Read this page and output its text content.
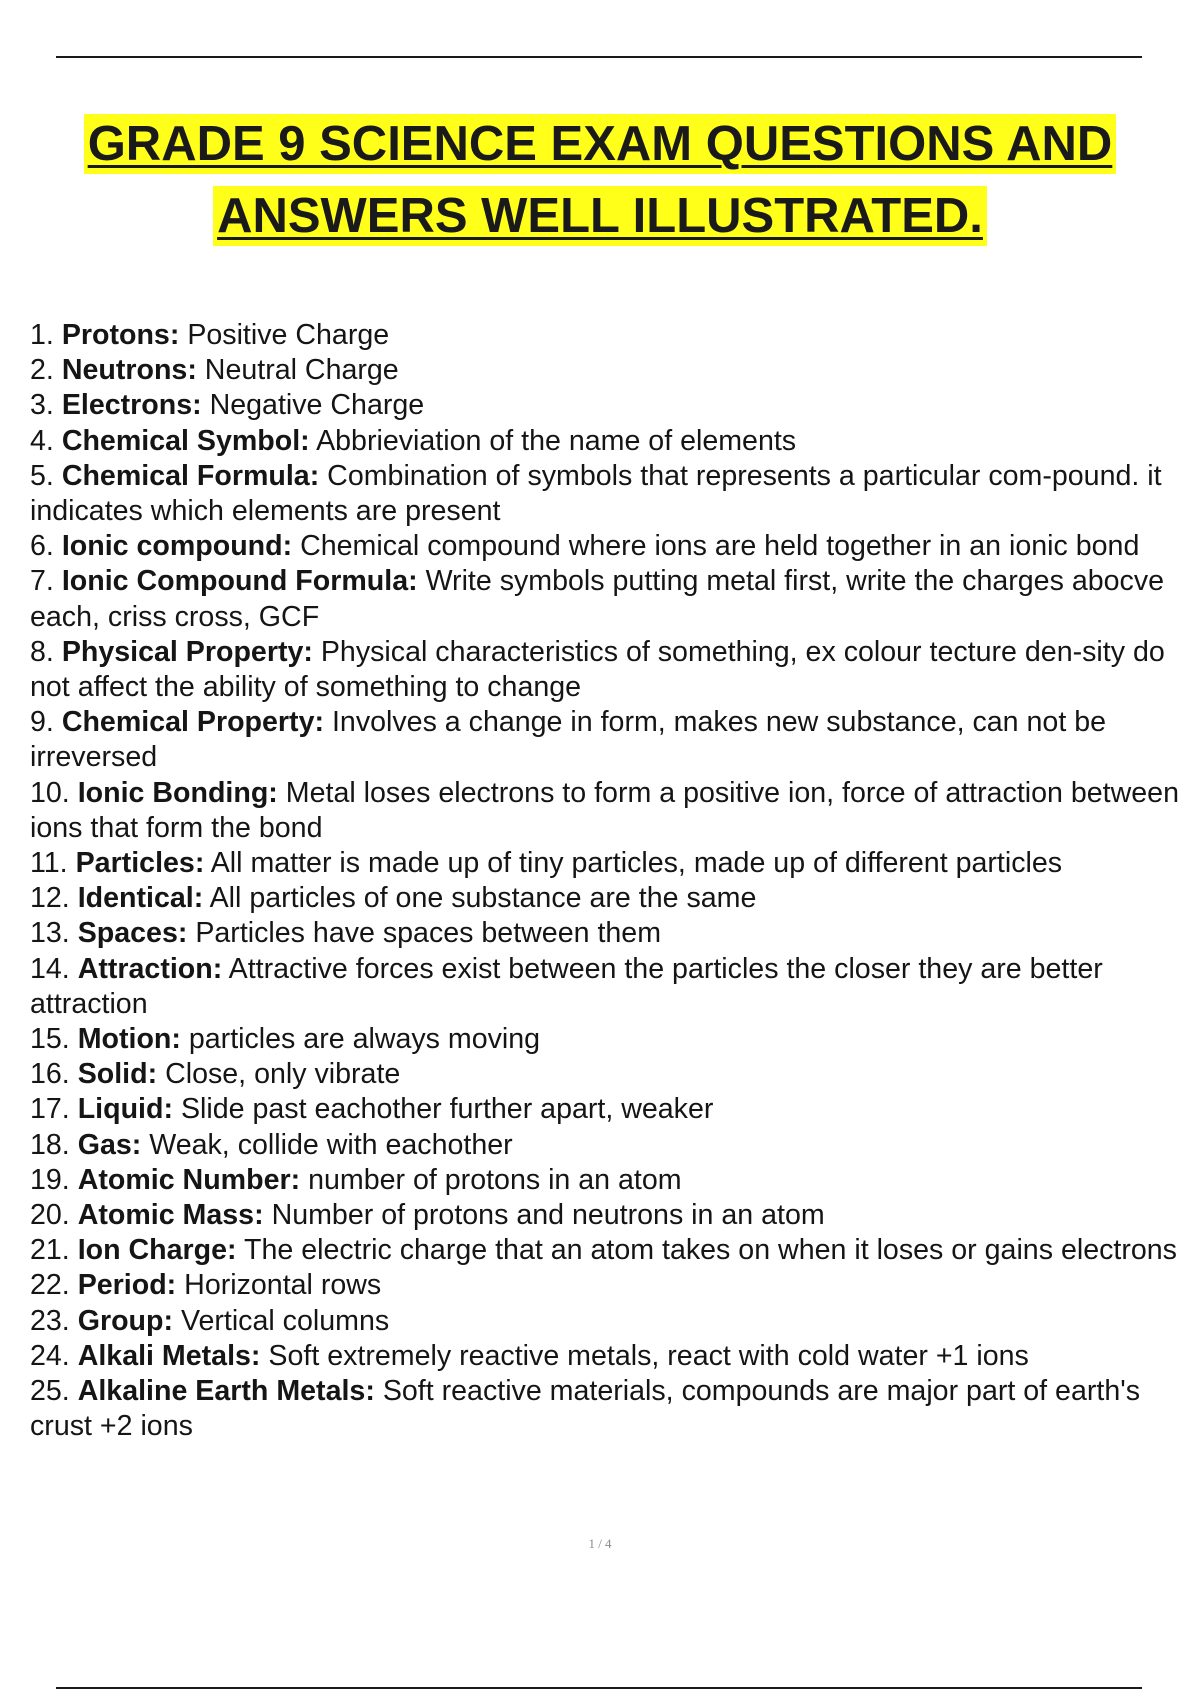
GRADE 9 SCIENCE EXAM QUESTIONS AND
ANSWERS WELL ILLUSTRATED.
1. Protons: Positive Charge
2. Neutrons: Neutral Charge
3. Electrons: Negative Charge
4. Chemical Symbol: Abbrieviation of the name of elements
5. Chemical Formula: Combination of symbols that represents a particular com-pound. it indicates which elements are present
6. Ionic compound: Chemical compound where ions are held together in an ionic bond
7. Ionic Compound Formula: Write symbols putting metal first, write the charges abocve each, criss cross, GCF
8. Physical Property: Physical characteristics of something, ex colour tecture den-sity do not affect the ability of something to change
9. Chemical Property: Involves a change in form, makes new substance, can not be irreversed
10. Ionic Bonding: Metal loses electrons to form a positive ion, force of attraction between ions that form the bond
11. Particles: All matter is made up of tiny particles, made up of different particles
12. Identical: All particles of one substance are the same
13. Spaces: Particles have spaces between them
14. Attraction: Attractive forces exist between the particles the closer they are better attraction
15. Motion: particles are always moving
16. Solid: Close, only vibrate
17. Liquid: Slide past eachother further apart, weaker
18. Gas: Weak, collide with eachother
19. Atomic Number: number of protons in an atom
20. Atomic Mass: Number of protons and neutrons in an atom
21. Ion Charge: The electric charge that an atom takes on when it loses or gains electrons
22. Period: Horizontal rows
23. Group: Vertical columns
24. Alkali Metals: Soft extremely reactive metals, react with cold water +1 ions
25. Alkaline Earth Metals: Soft reactive materials, compounds are major part of earth's crust +2 ions
1 / 4
